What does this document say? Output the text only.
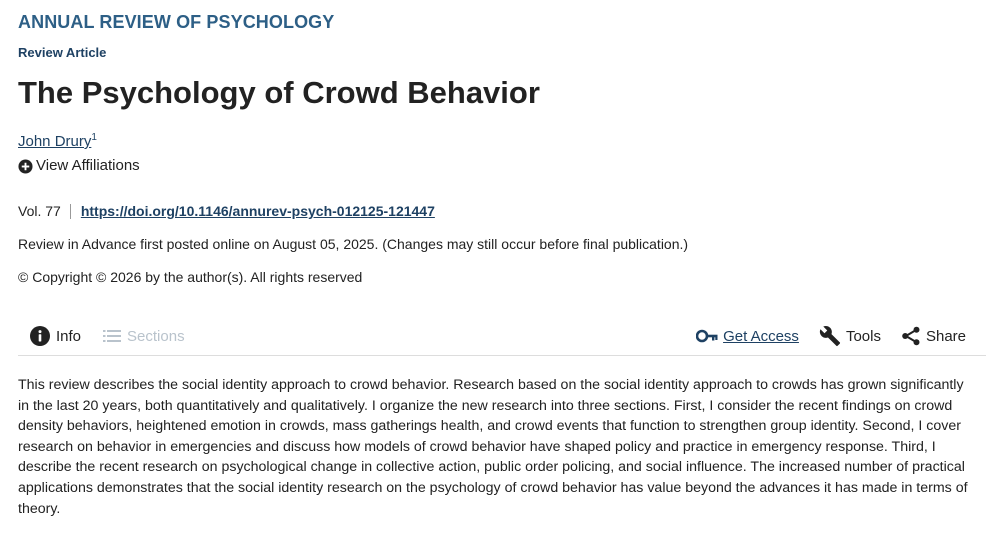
ANNUAL REVIEW OF PSYCHOLOGY
Review Article
The Psychology of Crowd Behavior
John Drury$^1$
View Affiliations
Vol. 77 https://doi.org/10.1146/annurev-psych-012125-121447
Review in Advance first posted online on August 05, 2025. (Changes may still occur before final publication.)
© Copyright © 2026 by the author(s). All rights reserved
Info	Sections	Get Access	Tools	Share
This review describes the social identity approach to crowd behavior. Research based on the social identity approach to crowds has grown significantly in the last 20 years, both quantitatively and qualitatively. I organize the new research into three sections. First, I consider the recent findings on crowd density behaviors, heightened emotion in crowds, mass gatherings health, and crowd events that function to strengthen group identity. Second, I cover research on behavior in emergencies and discuss how models of crowd behavior have shaped policy and practice in emergency response. Third, I describe the recent research on psychological change in collective action, public order policing, and social influence. The increased number of practical applications demonstrates that the social identity research on the psychology of crowd behavior has value beyond the advances it has made in terms of theory.
